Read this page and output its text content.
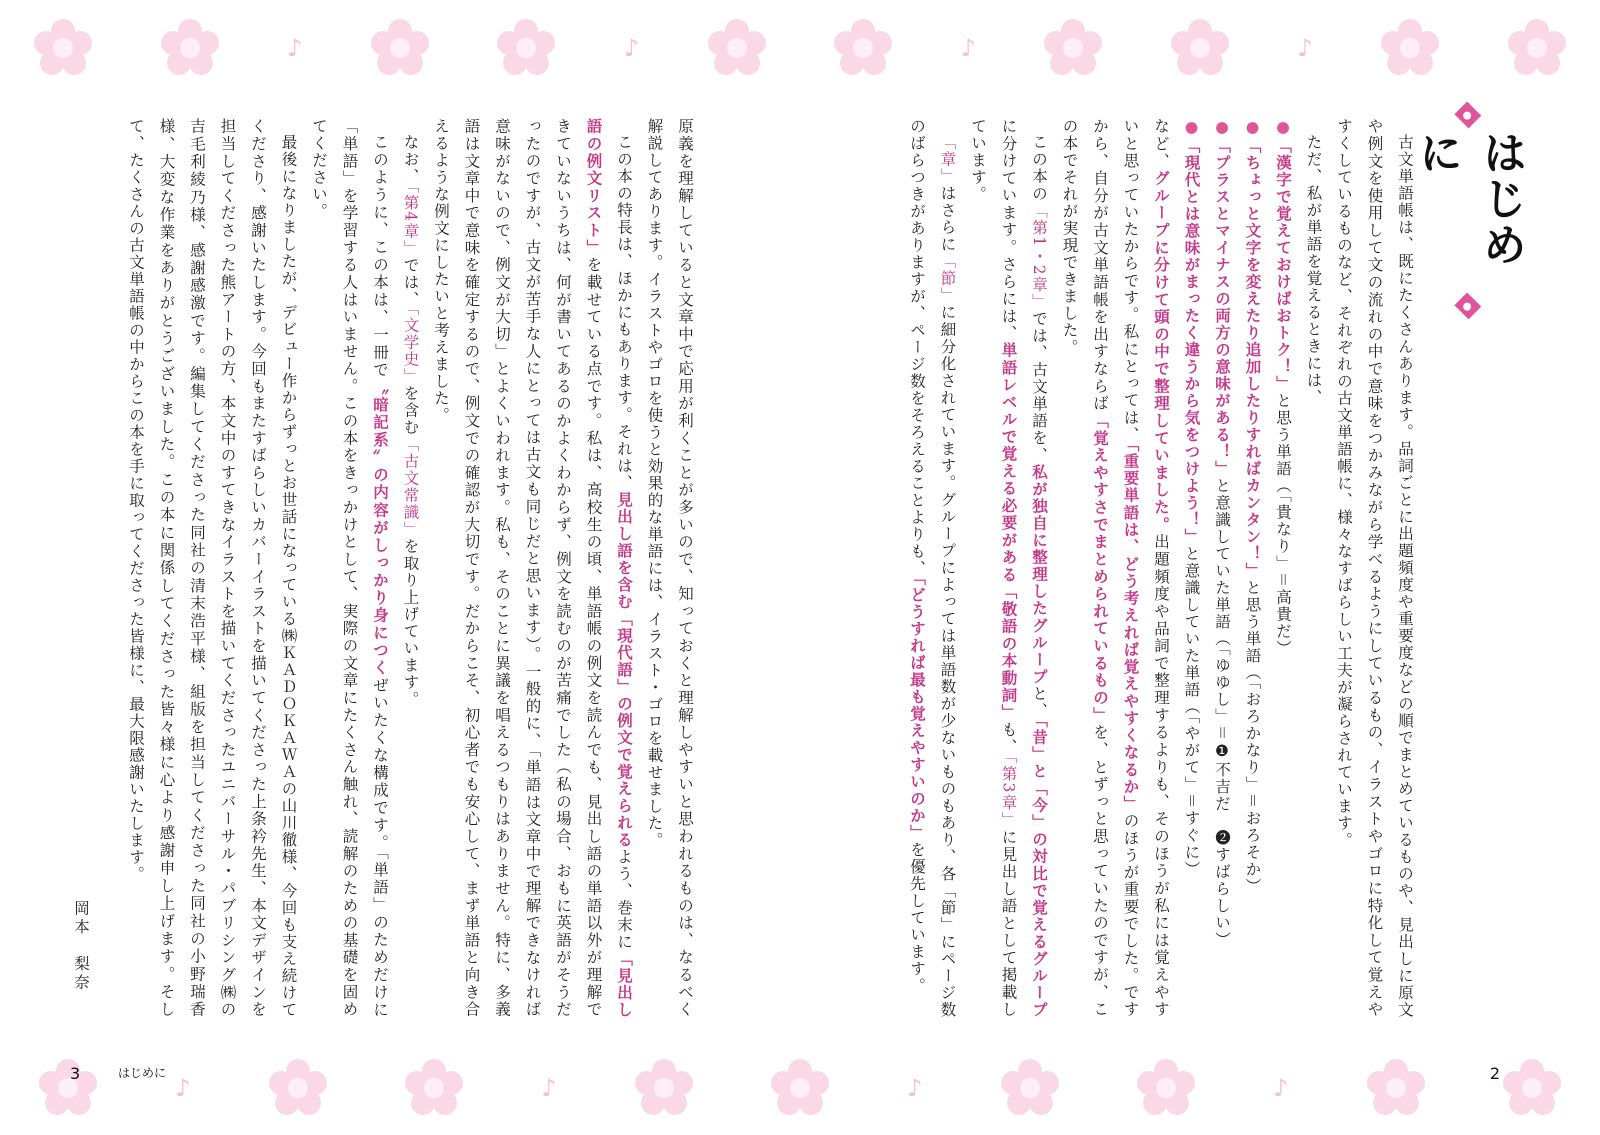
♪	♪	♪	♪
♪	♪	♪	♪
はじめに

古文単語帳は、既にたくさんあります。品詞ごとに出題頻度や重要度などの順でまとめているものや、見出しに原文や例文を使用して文の流れの中で意味をつかみながら学べるようにしているもの、イラストやゴロに特化して覚えやすくしているものなど、それぞれの古文単語帳に、様々なすばらしい工夫が凝らされています。

ただ、私が単語を覚えるときには、

●「漢字で覚えておけばおトク！」と思う単語（「貴なり」＝高貴だ）

●「ちょっと文字を変えたり追加したりすればカンタン！」と思う単語（「おろかなり」＝おろそか）

●「プラスとマイナスの両方の意味がある！」と意識していた単語（「ゆゆし」＝❶不吉だ　❷すばらしい）

●「現代とは意味がまったく違うから気をつけよう！」と意識していた単語（「やがて」＝すぐに）

など、グループに分けて頭の中で整理していました。出題頻度や品詞で整理するよりも、そのほうが私には覚えやすいと思っていたからです。私にとっては、「重要単語は、どう考えれば覚えやすくなるか」のほうが重要でした。ですから、自分が古文単語帳を出すならば「覚えやすさでまとめられているもの」を、とずっと思っていたのですが、この本でそれが実現できました。

この本の「第1・2章」では、古文単語を、私が独自に整理したグループと、「昔」と「今」の対比で覚えるグループに分けています。さらには、単語レベルで覚える必要がある「敬語の本動詞」も、「第3章」に見出し語として掲載しています。

「章」はさらに「節」に細分化されています。グループによっては単語数が少ないものもあり、各「節」にページ数のばらつきがありますが、ページ数をそろえることよりも、「どうすれば最も覚えやすいのか」を優先しています。

原義を理解していると文章中で応用が利くことが多いので、知っておくと理解しやすいと思われるものは、なるべく解説してあります。イラストやゴロを使うと効果的な単語には、イラスト・ゴロを載せました。

この本の特長は、ほかにもあります。それは、見出し語を含む「現代語」の例文で覚えられるよう、巻末に「見出し語の例文リスト」を載せている点です。私は、高校生の頃、単語帳の例文を読んでも、見出し語の単語以外が理解できていないうちは、何が書いてあるのかよくわからず、例文を読むのが苦痛でした（私の場合、おもに英語がそうだったのですが、古文が苦手な人にとっては古文も同じだと思います）。一般的に、「単語は文章中で理解できなければ意味がないので、例文が大切」とよくいわれます。私も、そのことに異議を唱えるつもりはありません。特に、多義語は文章中で意味を確定するので、例文での確認が大切です。だからこそ、初心者でも安心して、まず単語と向き合えるような例文にしたいと考えました。

なお、「第4章」では、「文学史」を含む「古文常識」を取り上げています。

このように、この本は、一冊で〝暗記系〟の内容がしっかり身につくぜいたくな構成です。「単語」のためだけに「単語」を学習する人はいません。この本をきっかけとして、実際の文章にたくさん触れ、読解のための基礎を固めてください。

最後になりましたが、デビュー作からずっとお世話になっている㈱ＫＡＤＯＫＡＷＡの山川徹様、今回も支え続けてくださり、感謝いたします。今回もまたすばらしいカバーイラストを描いてくださった上条衿先生、本文デザインを担当してくださった熊アートの方、本文中のすてきなイラストを描いてくださったユニバーサル・パブリシング㈱の吉毛利綾乃様、感謝感激です。編集してくださった同社の清末浩平様、組版を担当してくださった同社の小野瑞香様、大変な作業をありがとうございました。この本に関係してくださった皆々様に心より感謝申し上げます。そして、たくさんの古文単語帳の中からこの本を手に取ってくださった皆様に、最大限感謝いたします。

岡本　梨奈
3	はじめに	2
